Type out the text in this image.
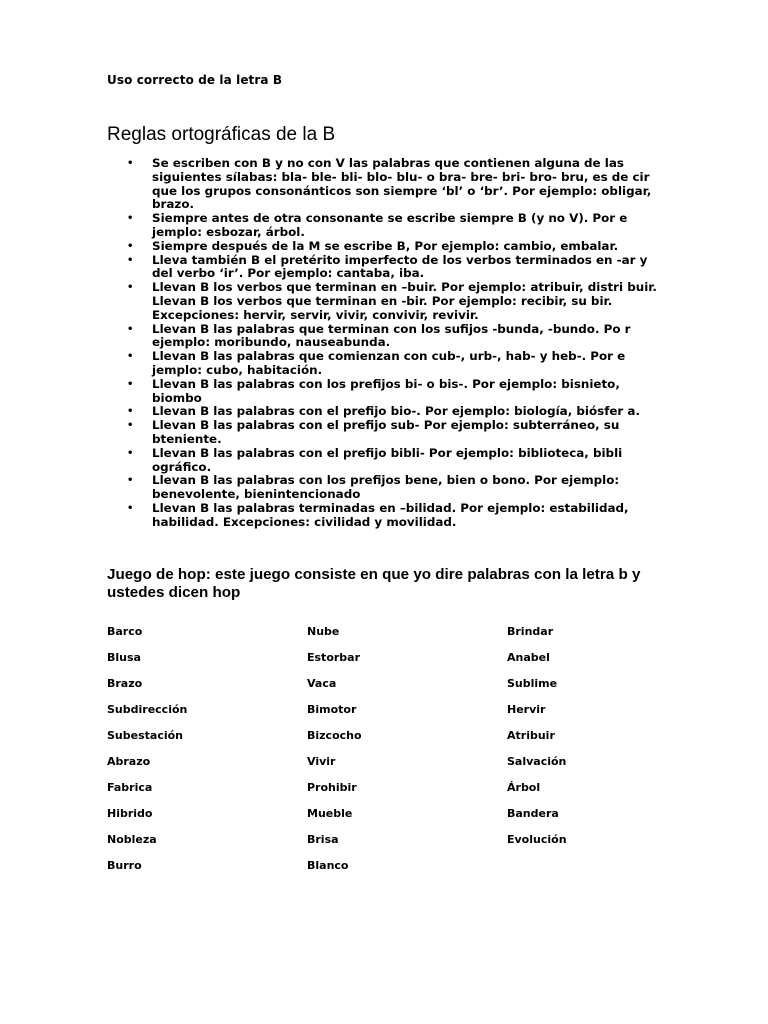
Uso correcto de la letra B
Reglas ortográficas de la B
• Se escriben con B y no con V las palabras que contienen alguna de las siguientes sílabas: bla- ble- bli- blo- blu- o bra- bre- bri- bro- bru, es de cir que los grupos consonánticos son siempre ‘bl’ o ‘br’. Por ejemplo: obligar, brazo.
• Siempre antes de otra consonante se escribe siempre B (y no V). Por e jemplo: esbozar, árbol.
• Siempre después de la M se escribe B, Por ejemplo: cambio, embalar.
• Lleva también B el pretérito imperfecto de los verbos terminados en -ar y del verbo ‘ir’. Por ejemplo: cantaba, iba.
• Llevan B los verbos que terminan en –buir. Por ejemplo: atribuir, distri buir. Llevan B los verbos que terminan en -bir. Por ejemplo: recibir, su bir. Excepciones: hervir, servir, vivir, convivir, revivir.
• Llevan B las palabras que terminan con los sufijos -bunda, -bundo. Po r ejemplo: moribundo, nauseabunda.
• Llevan B las palabras que comienzan con cub-, urb-, hab- y heb-. Por e jemplo: cubo, habitación.
• Llevan B las palabras con los prefijos bi- o bis-. Por ejemplo: bisnieto, biombo
• Llevan B las palabras con el prefijo bio-. Por ejemplo: biología, biósfer a.
• Llevan B las palabras con el prefijo sub- Por ejemplo: subterráneo, su bteniente.
• Llevan B las palabras con el prefijo bibli- Por ejemplo: biblioteca, bibli ográfico.
• Llevan B las palabras con los prefijos bene, bien o bono. Por ejemplo: benevolente, bienintencionado
• Llevan B las palabras terminadas en –bilidad. Por ejemplo: estabilidad, habilidad. Excepciones: civilidad y movilidad.
Juego de hop: este juego consiste en que yo dire palabras con la letra b y ustedes dicen hop
Barco
Blusa
Brazo
Subdirección
Subestación
Abrazo
Fabrica
Hibrido
Nobleza
Burro
Nube
Estorbar
Vaca
Bimotor
Bizcocho
Vivir
Prohibir
Mueble
Brisa
Blanco
Brindar
Anabel
Sublime
Hervir
Atribuir
Salvación
Árbol
Bandera
Evolución
